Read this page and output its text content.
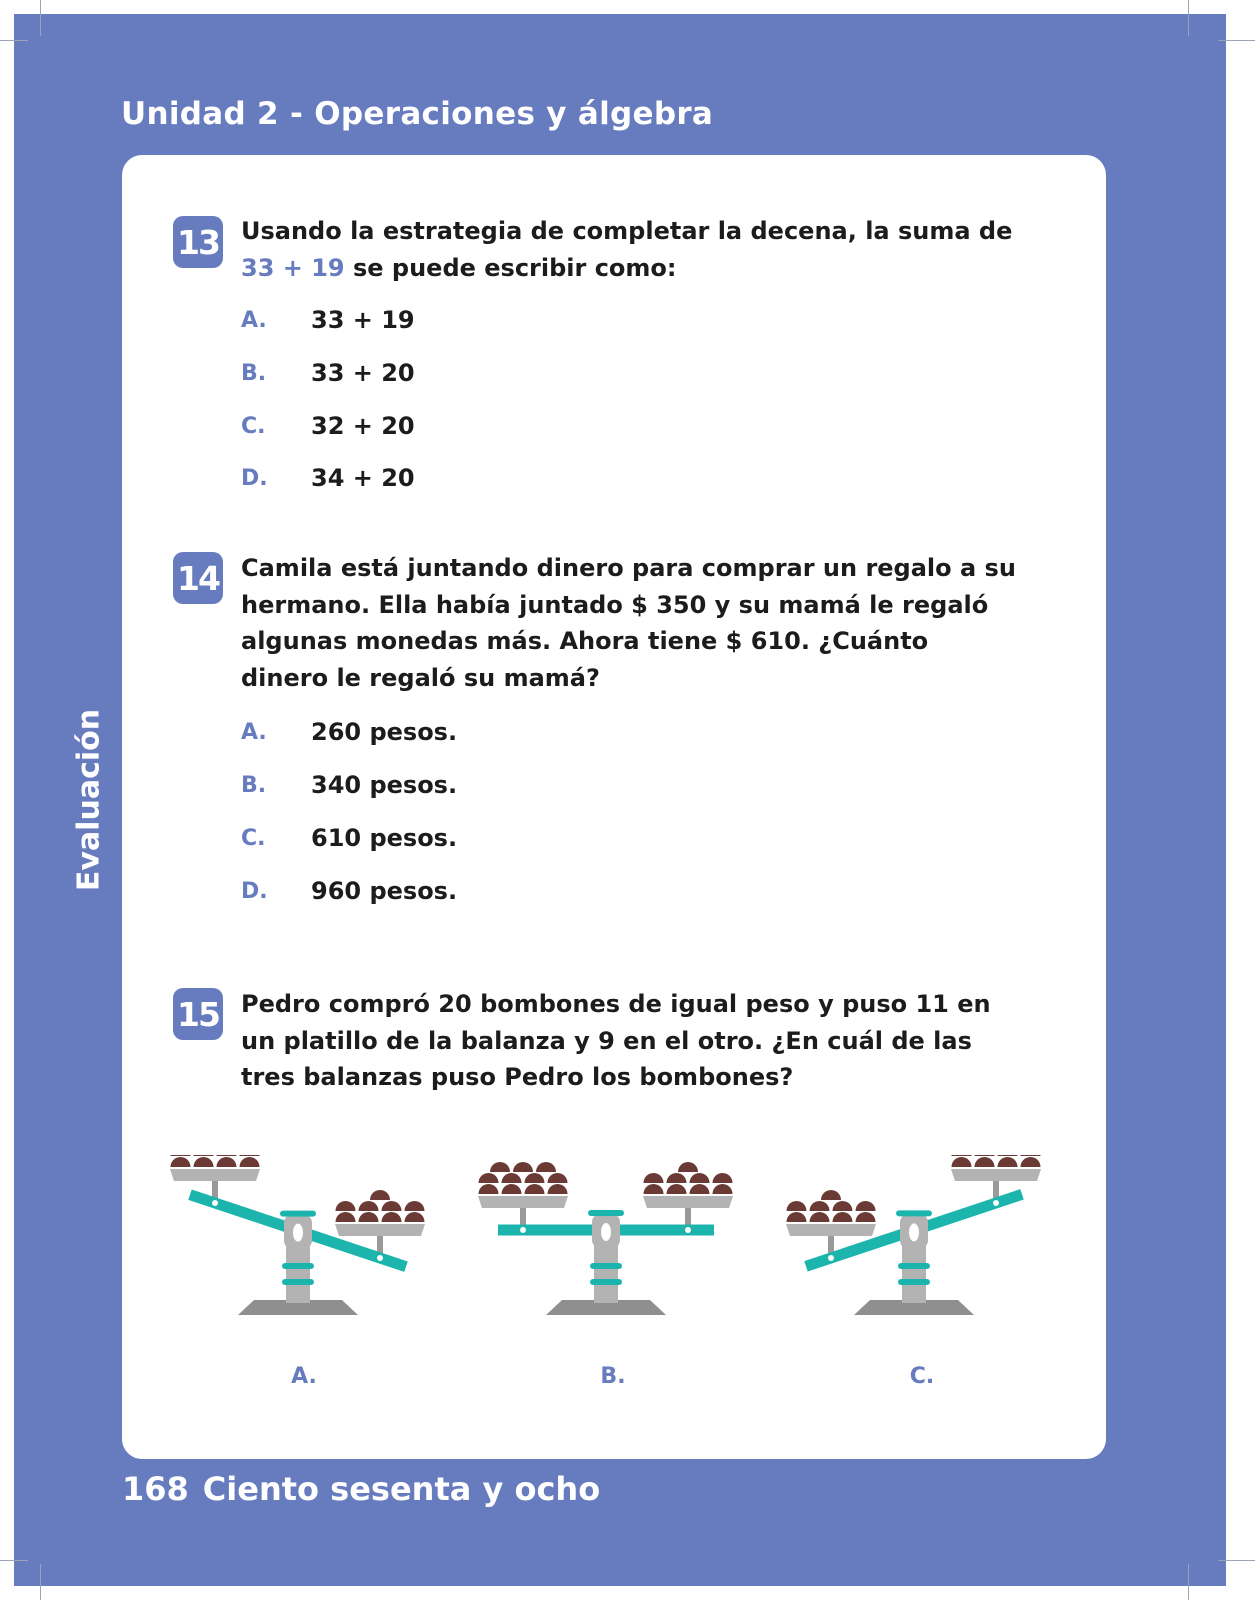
Unidad 2 - Operaciones y álgebra
Evaluación
13 Usando la estrategia de completar la decena, la suma de 33 + 19 se puede escribir como:
A.	33 + 19
B.	33 + 20
C.	32 + 20
D.	34 + 20
14 Camila está juntando dinero para comprar un regalo a su hermano. Ella había juntado $ 350 y su mamá le regaló algunas monedas más. Ahora tiene $ 610. ¿Cuánto dinero le regaló su mamá?
A.	260 pesos.
B.	340 pesos.
C.	610 pesos.
D.	960 pesos.
15 Pedro compró 20 bombones de igual peso y puso 11 en un platillo de la balanza y 9 en el otro. ¿En cuál de las tres balanzas puso Pedro los bombones?
A.	B.	C.
168 Ciento sesenta y ocho
